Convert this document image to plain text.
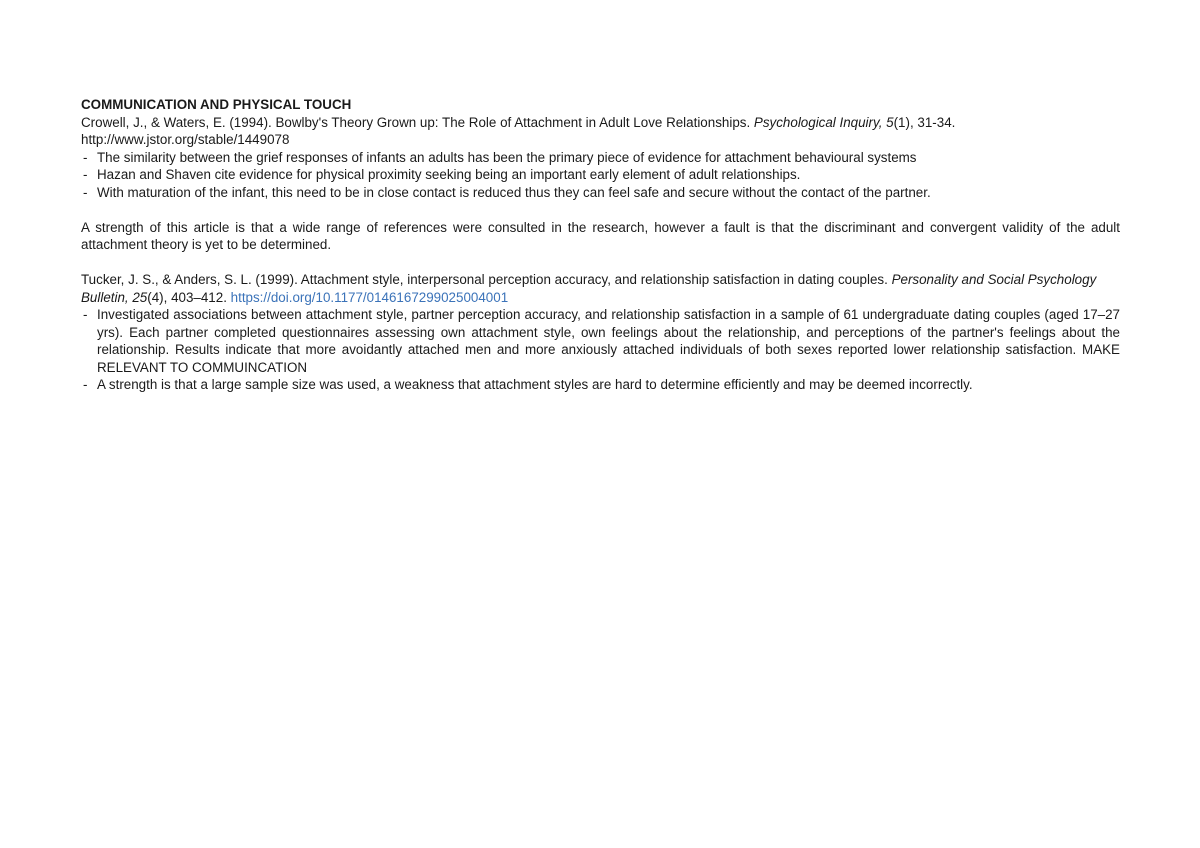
COMMUNICATION AND PHYSICAL TOUCH

Crowell, J., & Waters, E. (1994). Bowlby's Theory Grown up: The Role of Attachment in Adult Love Relationships. Psychological Inquiry, 5(1), 31-34.
http://www.jstor.org/stable/1449078

- The similarity between the grief responses of infants an adults has been the primary piece of evidence for attachment behavioural systems
- Hazan and Shaven cite evidence for physical proximity seeking being an important early element of adult relationships.
- With maturation of the infant, this need to be in close contact is reduced thus they can feel safe and secure without the contact of the partner.

A strength of this article is that a wide range of references were consulted in the research, however a fault is that the discriminant and convergent validity of the adult attachment theory is yet to be determined.

Tucker, J. S., & Anders, S. L. (1999). Attachment style, interpersonal perception accuracy, and relationship satisfaction in dating couples. Personality and Social Psychology Bulletin, 25(4), 403–412. https://doi.org/10.1177/0146167299025004001

- Investigated associations between attachment style, partner perception accuracy, and relationship satisfaction in a sample of 61 undergraduate dating couples (aged 17–27 yrs). Each partner completed questionnaires assessing own attachment style, own feelings about the relationship, and perceptions of the partner's feelings about the relationship. Results indicate that more avoidantly attached men and more anxiously attached individuals of both sexes reported lower relationship satisfaction. MAKE RELEVANT TO COMMUINCATION
- A strength is that a large sample size was used, a weakness that attachment styles are hard to determine efficiently and may be deemed incorrectly.
